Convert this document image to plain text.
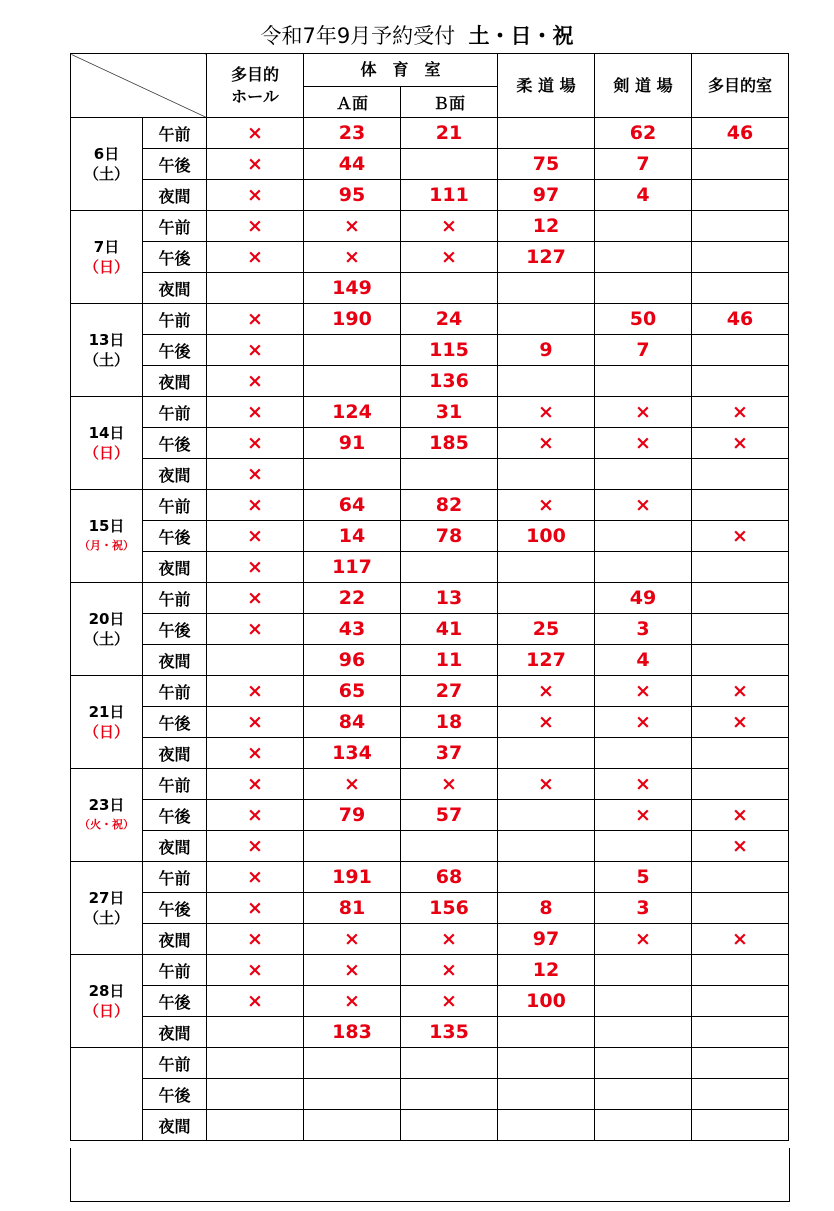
令和7年9月予約受付 土・日・祝
		多目的
ホール	体　育　室		柔 道 場	剣 道 場	多目的室
			Ａ面	Ｂ面			

6日
（土）	午前	×	23	21		62	46
	午後	×	44		75	7	
	夜間	×	95	111	97	4	

7日
（日）	午前	×	×	×	12		
	午後	×	×	×	127		
	夜間		149				

13日
（土）	午前	×	190	24		50	46
	午後	×		115	9	7	
	夜間	×		136			

14日
（日）	午前	×	124	31	×	×	×
	午後	×	91	185	×	×	×
	夜間	×					

15日
（月・祝）	午前	×	64	82	×	×	
	午後	×	14	78	100		×
	夜間	×	117				

20日
（土）	午前	×	22	13		49	
	午後	×	43	41	25	3	
	夜間		96	11	127	4	

21日
（日）	午前	×	65	27	×	×	×
	午後	×	84	18	×	×	×
	夜間	×	134	37			

23日
（火・祝）	午前	×	×	×	×	×	
	午後	×	79	57		×	×
	夜間	×					×

27日
（土）	午前	×	191	68		5	
	午後	×	81	156	8	3	
	夜間	×	×	×	97	×	×

28日
（日）	午前	×	×	×	12		
	午後	×	×	×	100		
	夜間		183	135			

	午前						
	午後						
	夜間						
